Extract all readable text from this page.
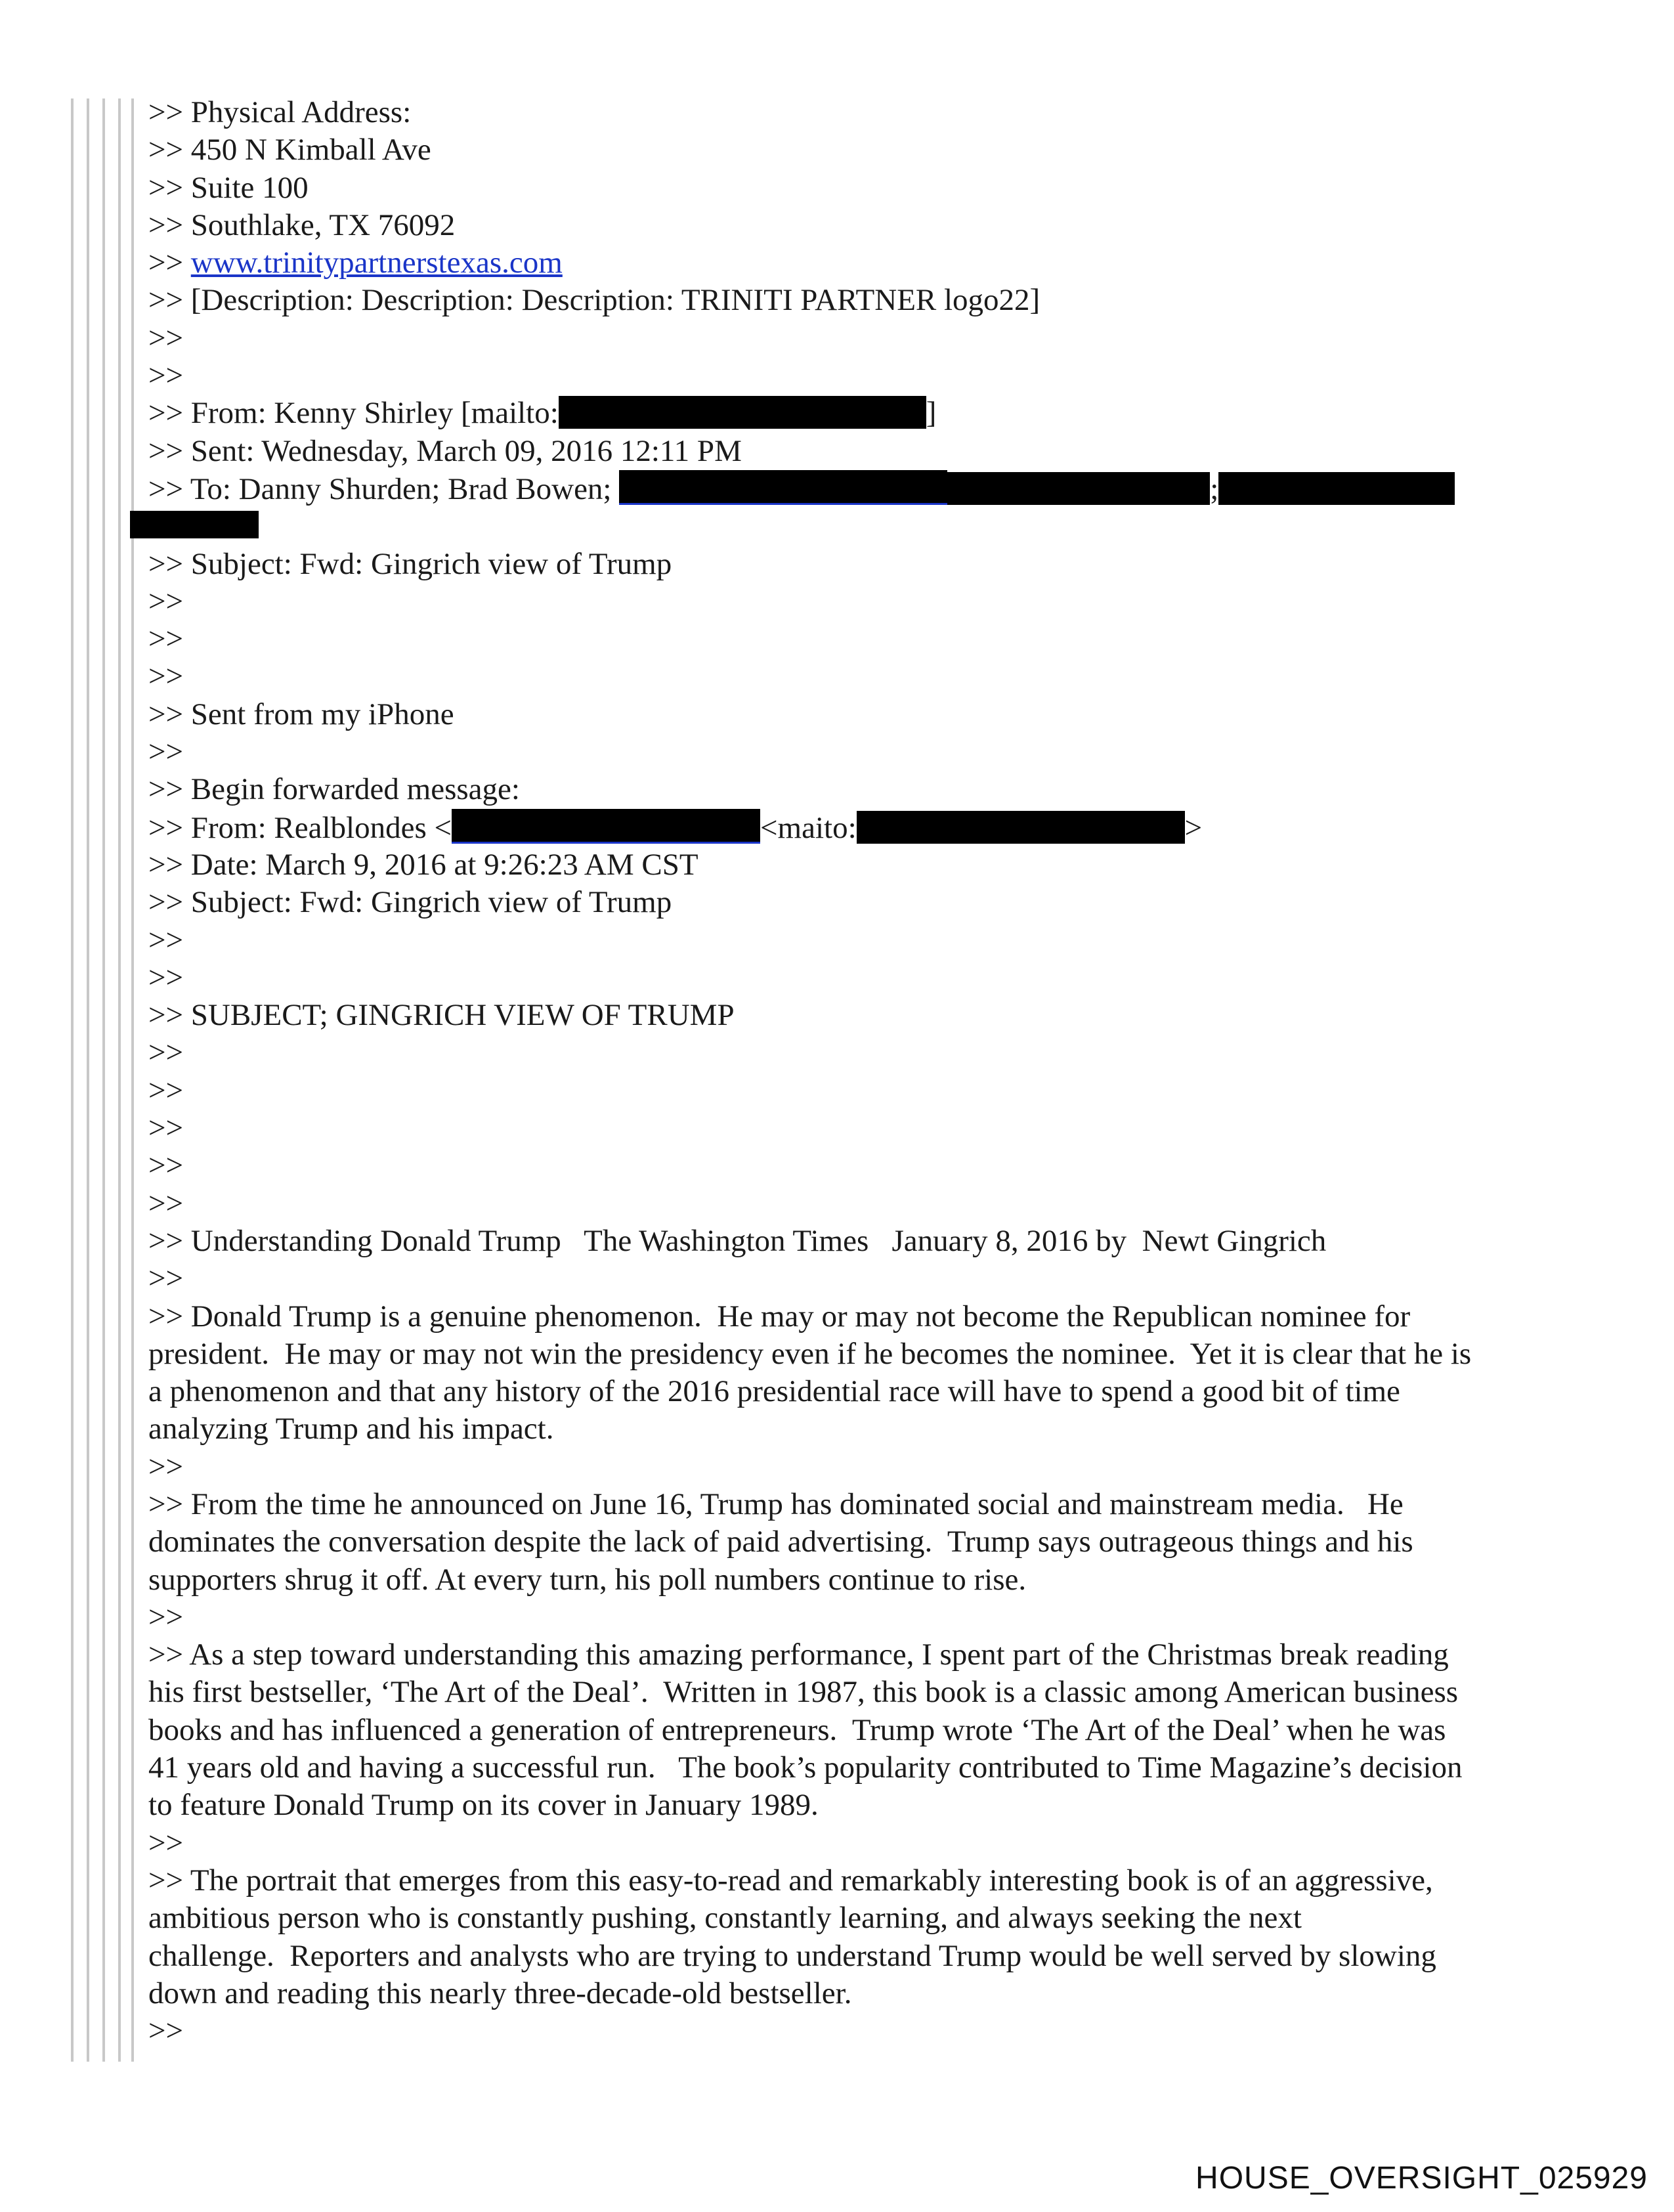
>> Physical Address:
>> 450 N Kimball Ave
>> Suite 100
>> Southlake, TX 76092
>> www.trinitypartnerstexas.com
>> [Description: Description: Description: TRINITI PARTNER logo22]
>>
>>
>> From: Kenny Shirley [mailto:	]
>> Sent: Wednesday, March 09, 2016 12:11 PM
>> To: Danny Shurden; Brad Bowen;	;
>> Subject: Fwd: Gingrich view of Trump
>>
>>
>>
>> Sent from my iPhone
>>
>> Begin forwarded message:
>> From: Realblondes <	<maito:	>
>> Date: March 9, 2016 at 9:26:23 AM CST
>> Subject: Fwd: Gingrich view of Trump
>>
>>
>> SUBJECT; GINGRICH VIEW OF TRUMP
>>
>>
>>
>>
>>
>> Understanding Donald Trump   The Washington Times   January 8, 2016 by  Newt Gingrich
>>
>> Donald Trump is a genuine phenomenon.  He may or may not become the Republican nominee for
president.  He may or may not win the presidency even if he becomes the nominee.  Yet it is clear that he is
a phenomenon and that any history of the 2016 presidential race will have to spend a good bit of time
analyzing Trump and his impact.
>>
>> From the time he announced on June 16, Trump has dominated social and mainstream media.   He
dominates the conversation despite the lack of paid advertising.  Trump says outrageous things and his
supporters shrug it off. At every turn, his poll numbers continue to rise.
>>
>> As a step toward understanding this amazing performance, I spent part of the Christmas break reading
his first bestseller, ‘The Art of the Deal’.  Written in 1987, this book is a classic among American business
books and has influenced a generation of entrepreneurs.  Trump wrote ‘The Art of the Deal’ when he was
41 years old and having a successful run.   The book’s popularity contributed to Time Magazine’s decision
to feature Donald Trump on its cover in January 1989.
>>
>> The portrait that emerges from this easy-to-read and remarkably interesting book is of an aggressive,
ambitious person who is constantly pushing, constantly learning, and always seeking the next
challenge.  Reporters and analysts who are trying to understand Trump would be well served by slowing
down and reading this nearly three-decade-old bestseller.
>>
HOUSE_OVERSIGHT_025929
